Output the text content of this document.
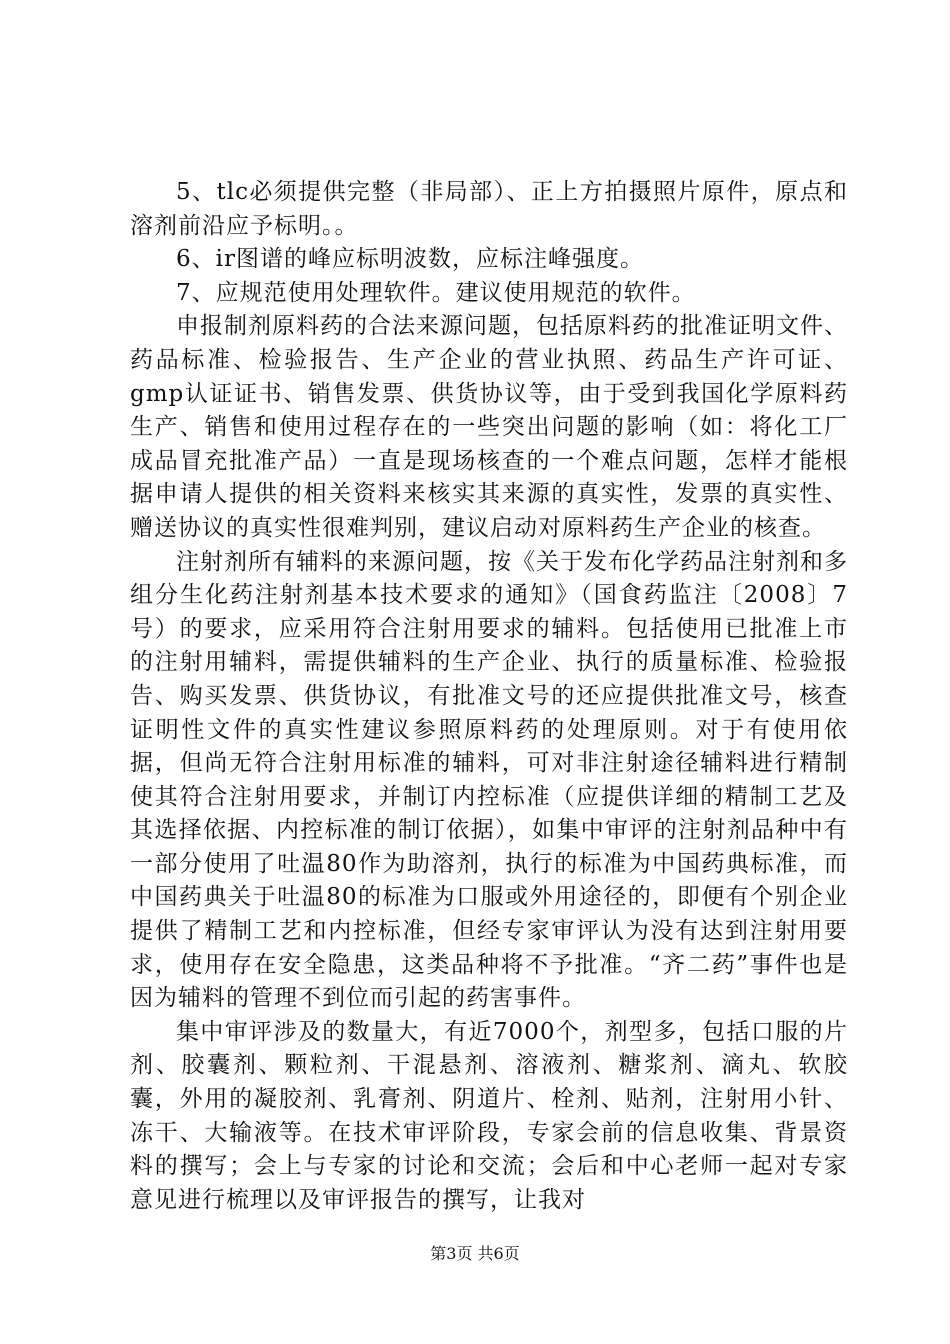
5、tlc必须提供完整（非局部）、正上方拍摄照片原件，原点和溶剂前沿应予标明。。

6、ir图谱的峰应标明波数，应标注峰强度。

7、应规范使用处理软件。建议使用规范的软件。

申报制剂原料药的合法来源问题，包括原料药的批准证明文件、药品标准、检验报告、生产企业的营业执照、药品生产许可证、gmp认证证书、销售发票、供货协议等，由于受到我国化学原料药生产、销售和使用过程存在的一些突出问题的影响（如：将化工厂成品冒充批准产品）一直是现场核查的一个难点问题，怎样才能根据申请人提供的相关资料来核实其来源的真实性，发票的真实性、赠送协议的真实性很难判别，建议启动对原料药生产企业的核查。

注射剂所有辅料的来源问题，按《关于发布化学药品注射剂和多组分生化药注射剂基本技术要求的通知》（国食药监注〔2008〕7号）的要求，应采用符合注射用要求的辅料。包括使用已批准上市的注射用辅料，需提供辅料的生产企业、执行的质量标准、检验报告、购买发票、供货协议，有批准文号的还应提供批准文号，核查证明性文件的真实性建议参照原料药的处理原则。对于有使用依据，但尚无符合注射用标准的辅料，可对非注射途径辅料进行精制使其符合注射用要求，并制订内控标准（应提供详细的精制工艺及其选择依据、内控标准的制订依据），如集中审评的注射剂品种中有一部分使用了吐温80作为助溶剂，执行的标准为中国药典标准，而中国药典关于吐温80的标准为口服或外用途径的，即便有个别企业提供了精制工艺和内控标准，但经专家审评认为没有达到注射用要求，使用存在安全隐患，这类品种将不予批准。“齐二药”事件也是因为辅料的管理不到位而引起的药害事件。

集中审评涉及的数量大，有近7000个，剂型多，包括口服的片剂、胶囊剂、颗粒剂、干混悬剂、溶液剂、糖浆剂、滴丸、软胶囊，外用的凝胶剂、乳膏剂、阴道片、栓剂、贴剂，注射用小针、冻干、大输液等。在技术审评阶段，专家会前的信息收集、背景资料的撰写；会上与专家的讨论和交流；会后和中心老师一起对专家意见进行梳理以及审评报告的撰写，让我对

第3页 共6页
